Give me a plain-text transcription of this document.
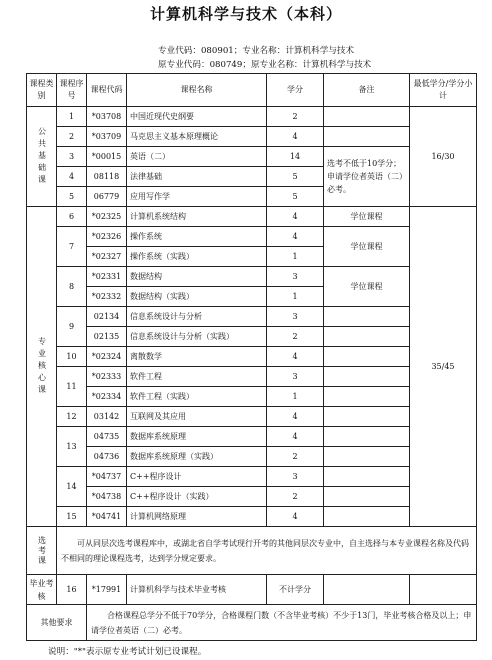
计算机科学与技术（本科）
专业代码：080901；专业名称：计算机科学与技术
原专业代码：080749；原专业名称：计算机科学与技术
课程类别	课程序号	课程代码	课程名称	学分	备注	最低学分/学分小计
公共基础课	1	*03708	中国近现代史纲要	2		16/30
	2	*03709	马克思主义基本原理概论	4		
	3	*00015	英语（二）	14	选考不低于10学分；申请学位者英语（二）必考。	
	4	08118	法律基础	5		
	5	06779	应用写作学	5		
专业核心课	6	*02325	计算机系统结构	4	学位课程	35/45
	7	*02326	操作系统	4	学位课程	
		*02327	操作系统（实践）	1		
	8	*02331	数据结构	3	学位课程	
		*02332	数据结构（实践）	1		
	9	02134	信息系统设计与分析	3		
		02135	信息系统设计与分析（实践）	2		
	10	*02324	离散数学	4		
	11	*02333	软件工程	3		
		*02334	软件工程（实践）	1		
	12	03142	互联网及其应用	4		
	13	04735	数据库系统原理	4		
		04736	数据库系统原理（实践）	2		
	14	*04737	C++程序设计	3		
		*04738	C++程序设计（实践）	2		
	15	*04741	计算机网络原理	4		
选考课	可从同层次选考课程库中，或湖北省自学考试现行开考的其他同层次专业中，自主选择与本专业课程名称及代码不相同的理论课程选考，达到学分规定要求。					
毕业考核	16	*17991	计算机科学与技术毕业考核	不计学分		
其他要求		合格课程总学分不低于70学分，合格课程门数（不含毕业考核）不少于13门，毕业考核合格及以上；申请学位者英语（二）必考。				
说明："*"表示原专业考试计划已设课程。
